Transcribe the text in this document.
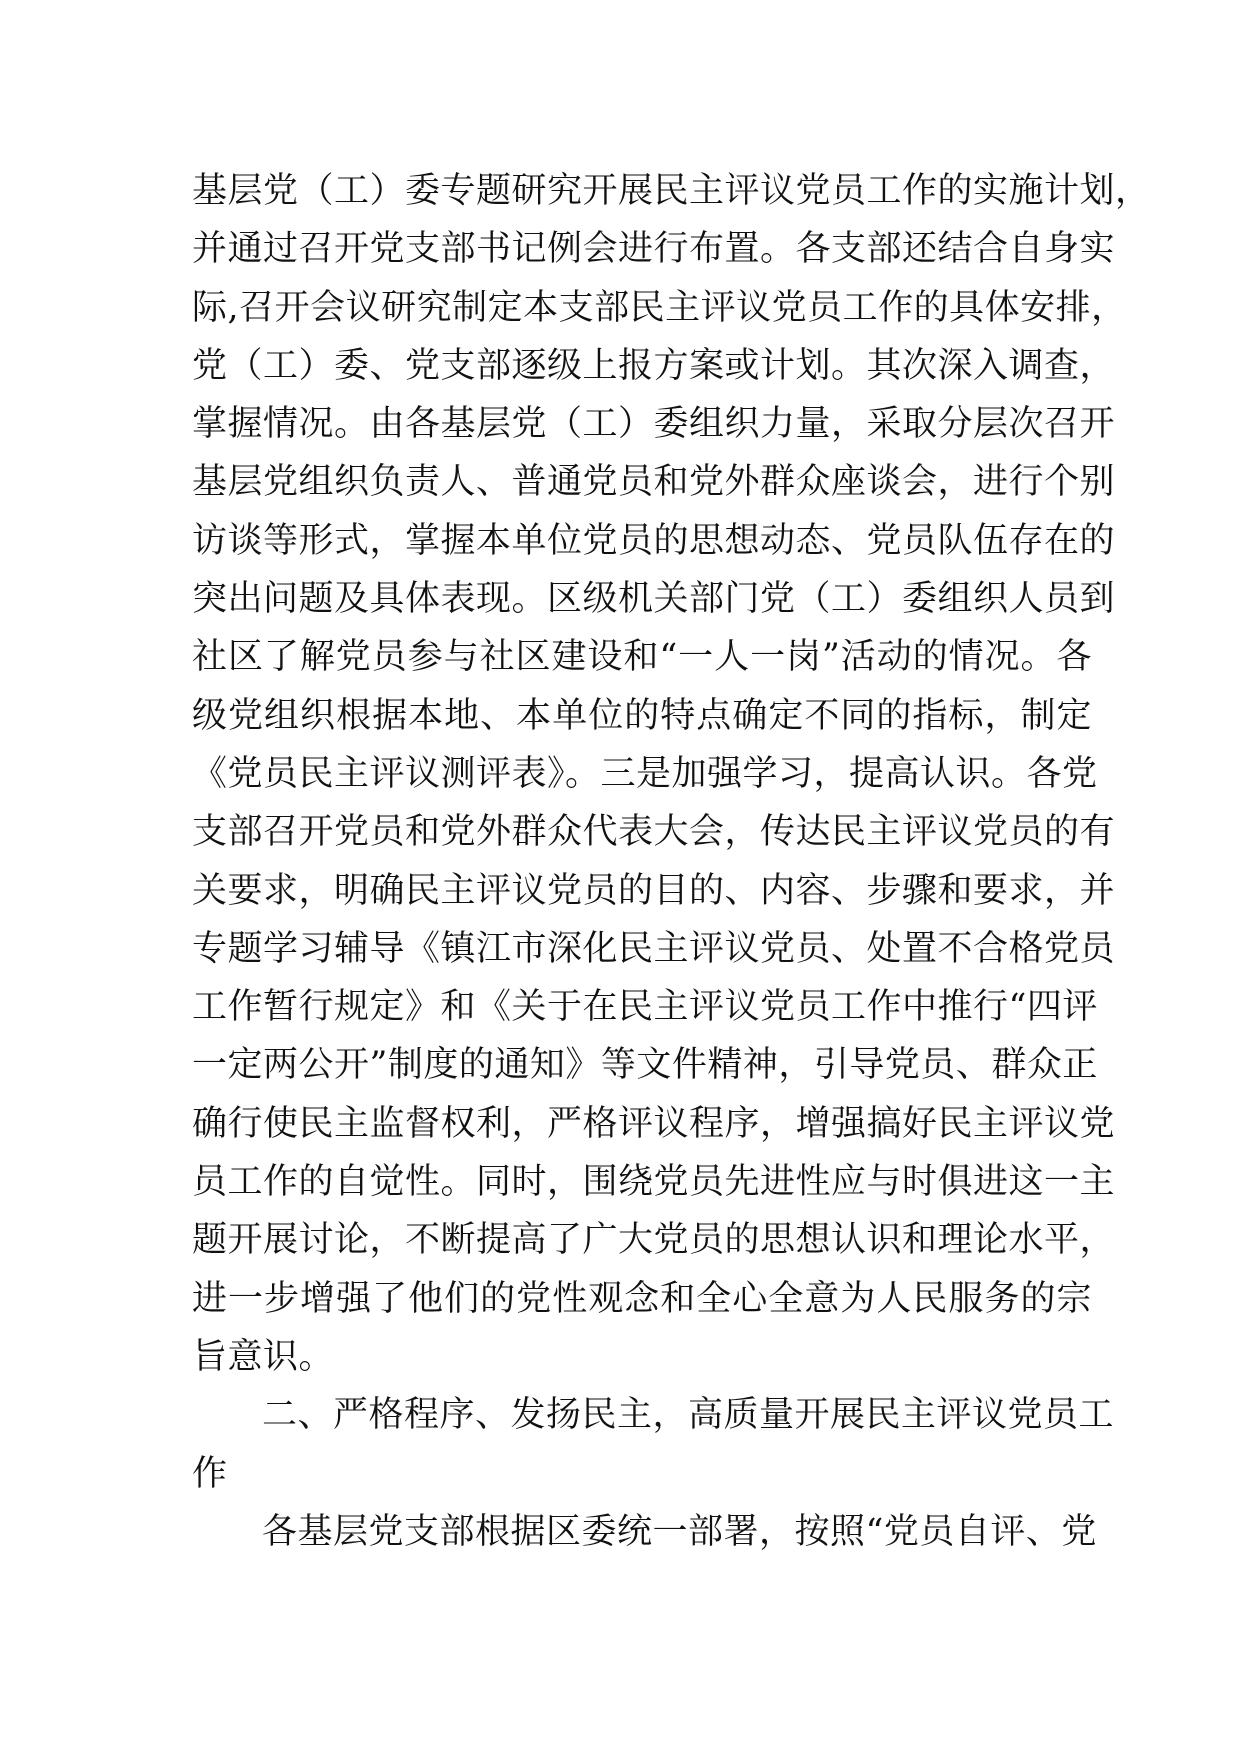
基层党（工）委专题研究开展民主评议党员工作的实施计划，
并通过召开党支部书记例会进行布置。各支部还结合自身实
际,召开会议研究制定本支部民主评议党员工作的具体安排，
党（工）委、党支部逐级上报方案或计划。其次深入调查，
掌握情况。由各基层党（工）委组织力量，采取分层次召开
基层党组织负责人、普通党员和党外群众座谈会，进行个别
访谈等形式，掌握本单位党员的思想动态、党员队伍存在的
突出问题及具体表现。区级机关部门党（工）委组织人员到
社区了解党员参与社区建设和“一人一岗”活动的情况。各
级党组织根据本地、本单位的特点确定不同的指标，制定
《党员民主评议测评表》。三是加强学习，提高认识。各党
支部召开党员和党外群众代表大会，传达民主评议党员的有
关要求，明确民主评议党员的目的、内容、步骤和要求，并
专题学习辅导《镇江市深化民主评议党员、处置不合格党员
工作暂行规定》和《关于在民主评议党员工作中推行“四评
一定两公开”制度的通知》等文件精神，引导党员、群众正
确行使民主监督权利，严格评议程序，增强搞好民主评议党
员工作的自觉性。同时，围绕党员先进性应与时俱进这一主
题开展讨论，不断提高了广大党员的思想认识和理论水平，
进一步增强了他们的党性观念和全心全意为人民服务的宗
旨意识。
二、严格程序、发扬民主，高质量开展民主评议党员工
作
各基层党支部根据区委统一部署，按照“党员自评、党
